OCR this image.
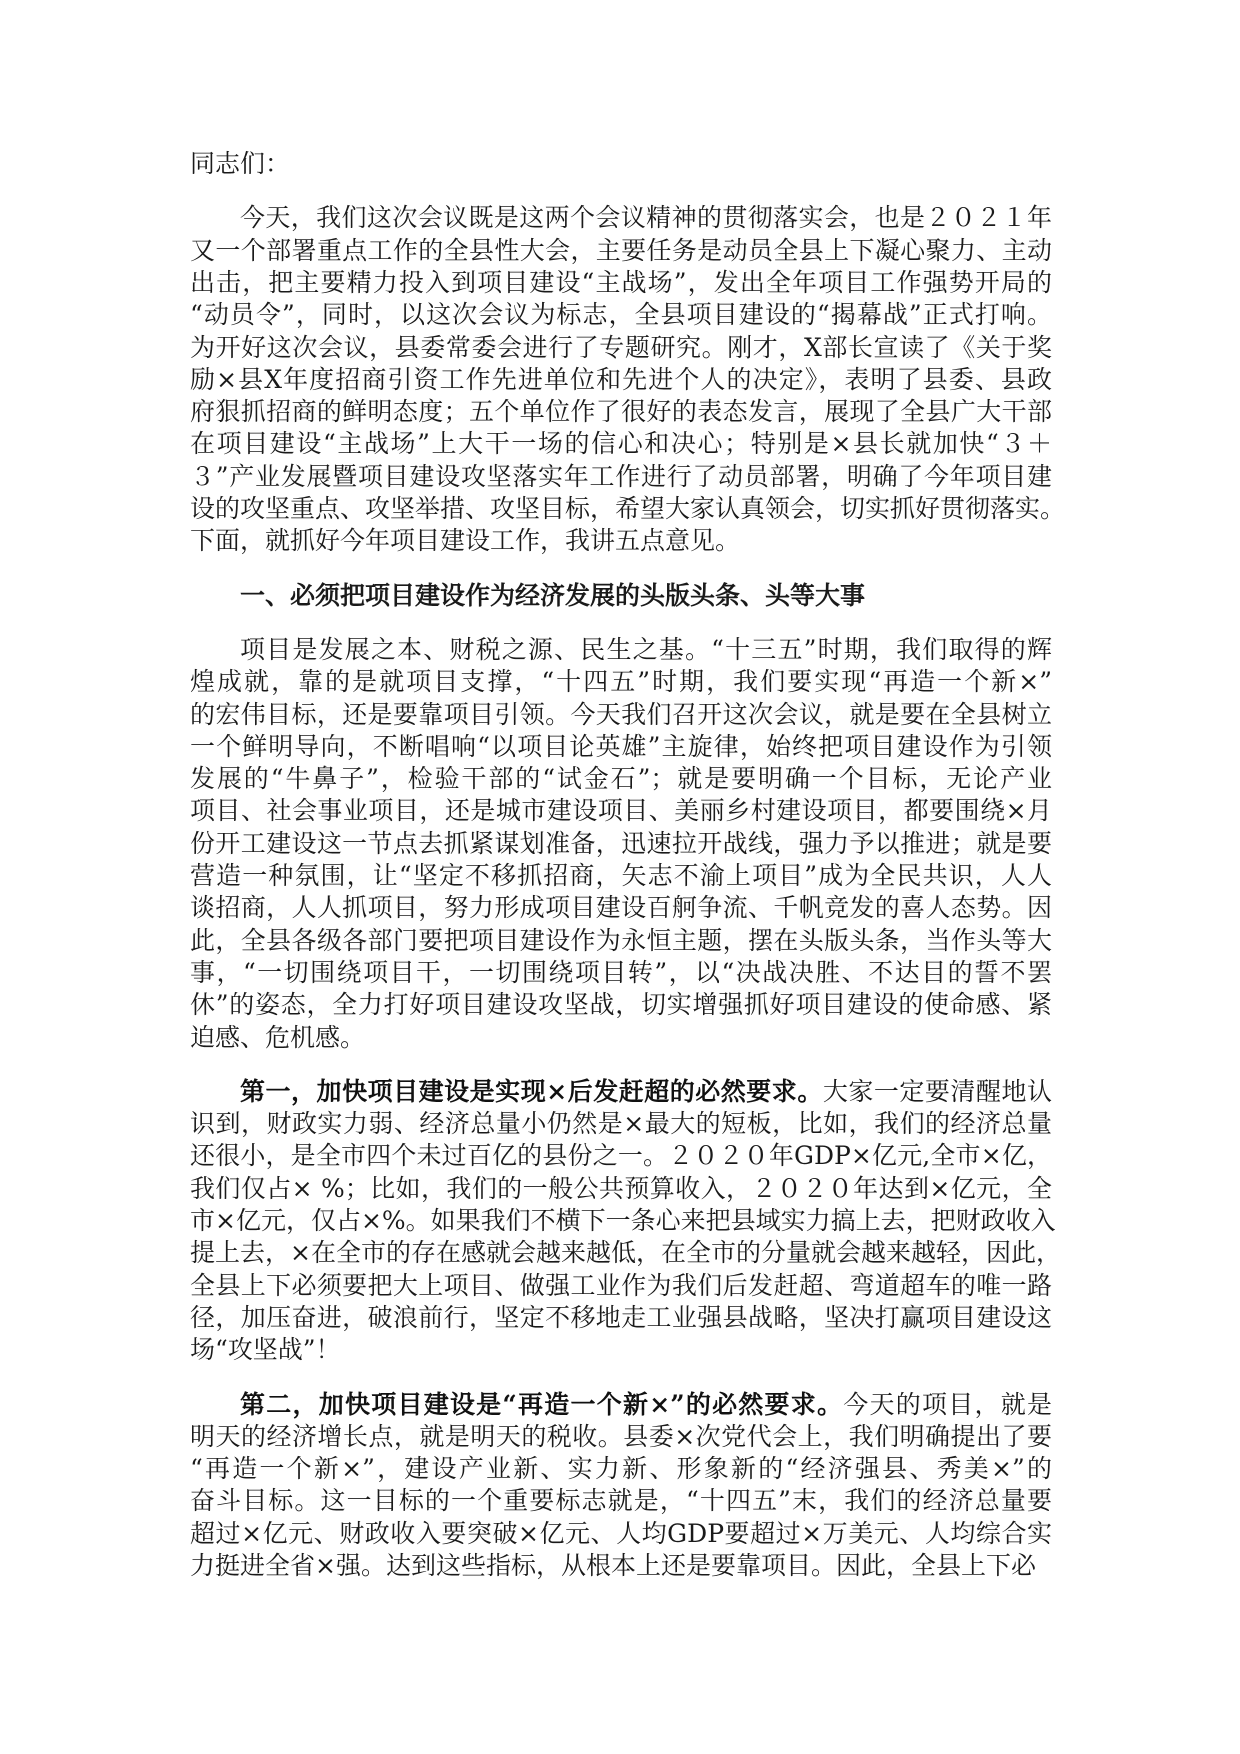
同志们：
今天，我们这次会议既是这两个会议精神的贯彻落实会，也是２０２１年
又一个部署重点工作的全县性大会，主要任务是动员全县上下凝心聚力、主动
出击，把主要精力投入到项目建设“主战场”，发出全年项目工作强势开局的
“动员令”，同时，以这次会议为标志，全县项目建设的“揭幕战”正式打响。
为开好这次会议，县委常委会进行了专题研究。刚才，X部长宣读了《关于奖
励×县X年度招商引资工作先进单位和先进个人的决定》，表明了县委、县政
府狠抓招商的鲜明态度；五个单位作了很好的表态发言，展现了全县广大干部
在项目建设“主战场”上大干一场的信心和决心；特别是×县长就加快“３＋
３”产业发展暨项目建设攻坚落实年工作进行了动员部署，明确了今年项目建
设的攻坚重点、攻坚举措、攻坚目标，希望大家认真领会，切实抓好贯彻落实。
下面，就抓好今年项目建设工作，我讲五点意见。
一、必须把项目建设作为经济发展的头版头条、头等大事
项目是发展之本、财税之源、民生之基。“十三五”时期，我们取得的辉
煌成就，靠的是就项目支撑，“十四五”时期，我们要实现“再造一个新×”
的宏伟目标，还是要靠项目引领。今天我们召开这次会议，就是要在全县树立
一个鲜明导向，不断唱响“以项目论英雄”主旋律，始终把项目建设作为引领
发展的“牛鼻子”，检验干部的“试金石”；就是要明确一个目标，无论产业
项目、社会事业项目，还是城市建设项目、美丽乡村建设项目，都要围绕×月
份开工建设这一节点去抓紧谋划准备，迅速拉开战线，强力予以推进；就是要
营造一种氛围，让“坚定不移抓招商，矢志不渝上项目”成为全民共识，人人
谈招商，人人抓项目，努力形成项目建设百舸争流、千帆竞发的喜人态势。因
此，全县各级各部门要把项目建设作为永恒主题，摆在头版头条，当作头等大
事，“一切围绕项目干，一切围绕项目转”，以“决战决胜、不达目的誓不罢
休”的姿态，全力打好项目建设攻坚战，切实增强抓好项目建设的使命感、紧
迫感、危机感。
第一，加快项目建设是实现×后发赶超的必然要求。大家一定要清醒地认
识到，财政实力弱、经济总量小仍然是×最大的短板，比如，我们的经济总量
还很小，是全市四个未过百亿的县份之一。２０２０年GDP×亿元,全市×亿，
我们仅占× %；比如，我们的一般公共预算收入，２０２０年达到×亿元，全
市×亿元，仅占×%。如果我们不横下一条心来把县域实力搞上去，把财政收入
提上去，×在全市的存在感就会越来越低，在全市的分量就会越来越轻，因此，
全县上下必须要把大上项目、做强工业作为我们后发赶超、弯道超车的唯一路
径，加压奋进，破浪前行，坚定不移地走工业强县战略，坚决打赢项目建设这
场“攻坚战”！
第二，加快项目建设是“再造一个新×”的必然要求。今天的项目，就是
明天的经济增长点，就是明天的税收。县委×次党代会上，我们明确提出了要
“再造一个新×”，建设产业新、实力新、形象新的“经济强县、秀美×”的
奋斗目标。这一目标的一个重要标志就是，“十四五”末，我们的经济总量要
超过×亿元、财政收入要突破×亿元、人均GDP要超过×万美元、人均综合实
力挺进全省×强。达到这些指标，从根本上还是要靠项目。因此，全县上下必
